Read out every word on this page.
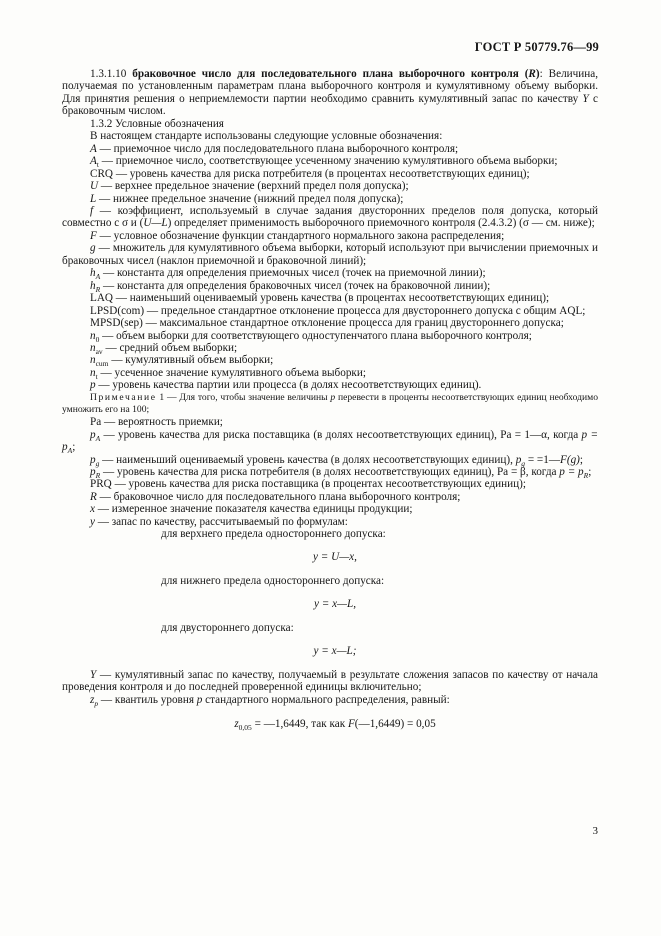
ГОСТ Р 50779.76—99

1.3.1.10 браковочное число для последовательного плана выборочного контроля (R): Величина, получаемая по установленным параметрам плана выборочного контроля и кумулятивному объему выборки. Для принятия решения о неприемлемости партии необходимо сравнить кумулятивный запас по качеству Y с браковочным числом.

1.3.2 Условные обозначения

В настоящем стандарте использованы следующие условные обозначения:

A — приемочное число для последовательного плана выборочного контроля;

$A_t$ — приемочное число, соответствующее усеченному значению кумулятивного объема выборки;

CRQ — уровень качества для риска потребителя (в процентах несоответствующих единиц);

U — верхнее предельное значение (верхний предел поля допуска);

L — нижнее предельное значение (нижний предел поля допуска);

f — коэффициент, используемый в случае задания двусторонних пределов поля допуска, который совместно с σ и (U—L) определяет применимость выборочного приемочного контроля (2.4.3.2) (σ — см. ниже);

F — условное обозначение функции стандартного нормального закона распределения;

g — множитель для кумулятивного объема выборки, который используют при вычислении приемочных и браковочных чисел (наклон приемочной и браковочной линий);

$h_A$ — константа для определения приемочных чисел (точек на приемочной линии);

$h_R$ — константа для определения браковочных чисел (точек на браковочной линии);

LAQ — наименьший оцениваемый уровень качества (в процентах несоответствующих единиц);

LPSD(com) — предельное стандартное отклонение процесса для двустороннего допуска с общим AQL;

MPSD(sep) — максимальное стандартное отклонение процесса для границ двустороннего допуска;

$n_0$ — объем выборки для соответствующего одноступенчатого плана выборочного контроля;

$n_{av}$ — средний объем выборки;

$n_{cum}$ — кумулятивный объем выборки;

$n_t$ — усеченное значение кумулятивного объема выборки;

p — уровень качества партии или процесса (в долях несоответствующих единиц).

Примечание 1 — Для того, чтобы значение величины p перевести в проценты несоответствующих единиц необходимо умножить его на 100;

Pa — вероятность приемки;

$p_A$ — уровень качества для риска поставщика (в долях несоответствующих единиц), Pa = 1—α, когда $p = p_A$;

$p_g$ — наименьший оцениваемый уровень качества (в долях несоответствующих единиц), $p_g$ = =1—F(g);

$p_R$ — уровень качества для риска потребителя (в долях несоответствующих единиц), Pa = β, когда $p = p_R$;

PRQ — уровень качества для риска поставщика (в процентах несоответствующих единиц);

R — браковочное число для последовательного плана выборочного контроля;

x — измеренное значение показателя качества единицы продукции;

y — запас по качеству, рассчитываемый по формулам:

для верхнего предела одностороннего допуска:

y = U—x,

для нижнего предела одностороннего допуска:

y = x—L,

для двустороннего допуска:

y = x—L;

Y — кумулятивный запас по качеству, получаемый в результате сложения запасов по качеству от начала проведения контроля и до последней проверенной единицы включительно;

$z_p$ — квантиль уровня p стандартного нормального распределения, равный:

$z_{0,05}$ = —1,6449, так как F(—1,6449) = 0,05

3
